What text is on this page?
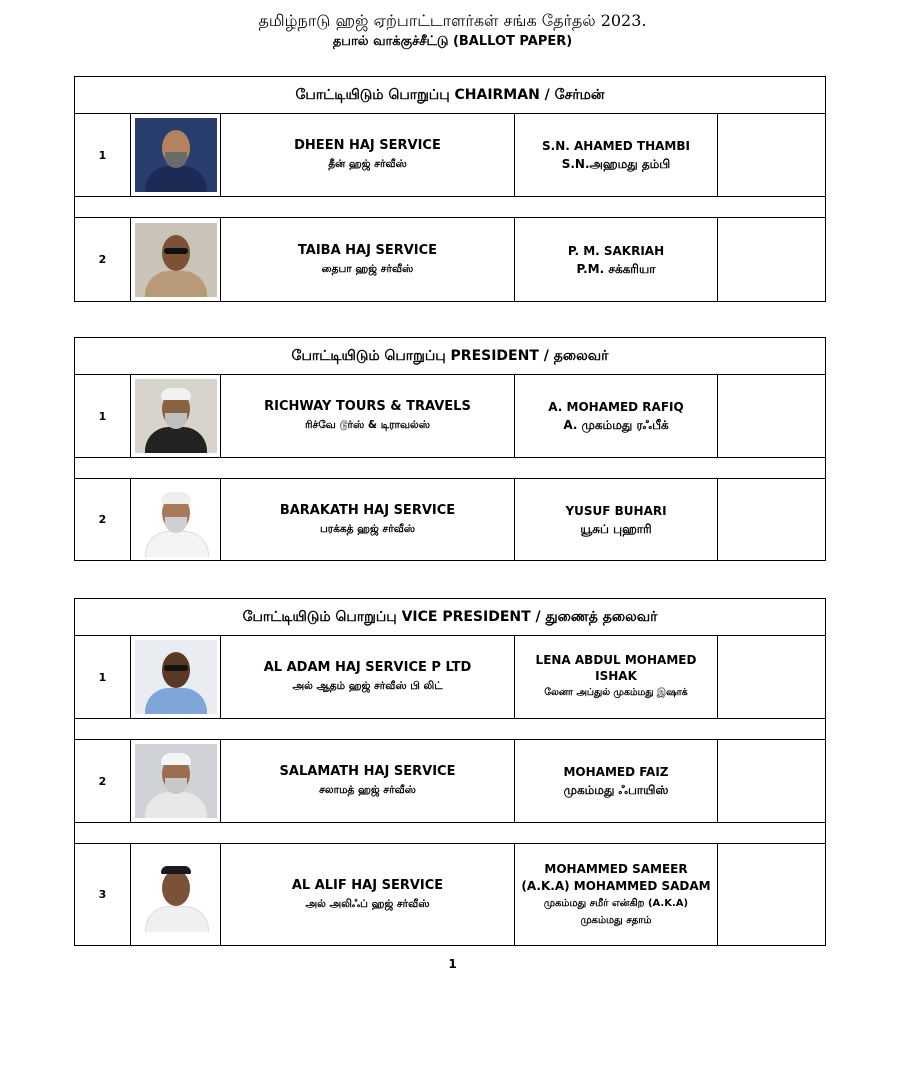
தமிழ்நாடு ஹஜ் ஏற்பாட்டாளர்கள் சங்க தேர்தல் 2023.
தபால் வாக்குச்சீட்டு (BALLOT PAPER)
போட்டியிடும் பொறுப்பு CHAIRMAN / சேர்மன்
1
DHEEN HAJ SERVICE
தீன் ஹஜ் சர்வீஸ்
S.N. AHAMED THAMBI
S.N.அஹமது தம்பி
2
TAIBA HAJ SERVICE
தைபா ஹஜ் சர்வீஸ்
P. M. SAKRIAH
P.M. சக்கரியா
போட்டியிடும் பொறுப்பு PRESIDENT / தலைவர்
1
RICHWAY TOURS & TRAVELS
ரிச்வே டூர்ஸ் & டிராவல்ஸ்
A. MOHAMED RAFIQ
A. முகம்மது ரஃபீக்
2
BARAKATH HAJ SERVICE
பரக்கத் ஹஜ் சர்வீஸ்
YUSUF BUHARI
யூசுப் புஹாரி
போட்டியிடும் பொறுப்பு VICE PRESIDENT / துணைத் தலைவர்
1
AL ADAM HAJ SERVICE P LTD
அல் ஆதம் ஹஜ் சர்வீஸ் பி லிட்
LENA ABDUL MOHAMED
ISHAK
லேனா அப்துல் முகம்மது இஷாக்
2
SALAMATH HAJ SERVICE
சலாமத் ஹஜ் சர்வீஸ்
MOHAMED FAIZ
முகம்மது ஃபாயிஸ்
3
AL ALIF HAJ SERVICE
அல் அலிஃப் ஹஜ் சர்வீஸ்
MOHAMMED SAMEER
(A.K.A) MOHAMMED SADAM
முகம்மது சமீர் என்கிற (A.K.A)
முகம்மது சதாம்
1
